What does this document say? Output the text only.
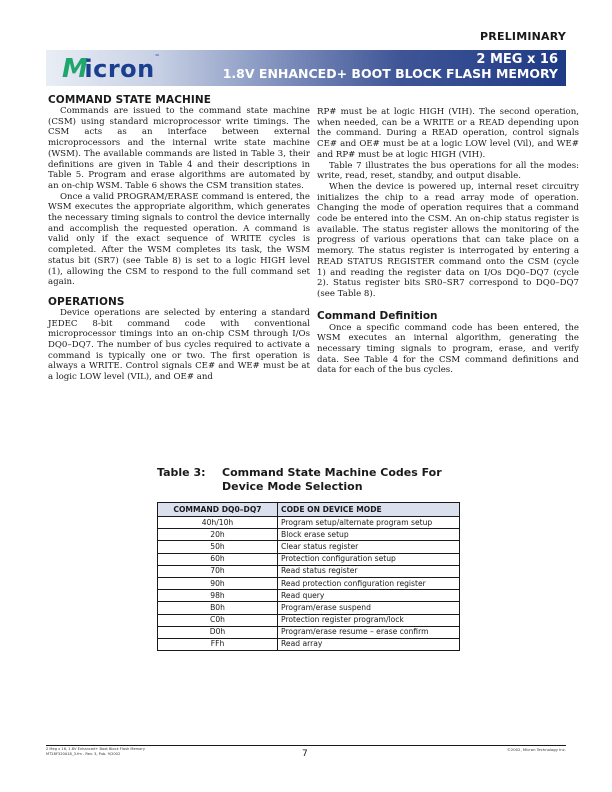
PRELIMINARY
Micron™	2 MEG x 16
1.8V ENHANCED+ BOOT BLOCK FLASH MEMORY
COMMAND STATE MACHINE

Commands are issued to the command state machine (CSM) using standard microprocessor write timings. The CSM acts as an interface between external microprocessors and the internal write state machine (WSM). The available commands are listed in Table 3, their definitions are given in Table 4 and their descriptions in Table 5. Program and erase algorithms are automated by an on-chip WSM. Table 6 shows the CSM transition states.

Once a valid PROGRAM/ERASE command is entered, the WSM executes the appropriate algorithm, which generates the necessary timing signals to control the device internally and accomplish the requested operation. A command is valid only if the exact sequence of WRITE cycles is completed. After the WSM completes its task, the WSM status bit (SR7) (see Table 8) is set to a logic HIGH level (1), allowing the CSM to respond to the full command set again.

OPERATIONS

Device operations are selected by entering a standard JEDEC 8-bit command code with conventional microprocessor timings into an on-chip CSM through I/Os DQ0–DQ7. The number of bus cycles required to activate a command is typically one or two. The first operation is always a WRITE. Control signals CE# and WE# must be at a logic LOW level (VIL), and OE# and

RP# must be at logic HIGH (VIH). The second operation, when needed, can be a WRITE or a READ depending upon the command. During a READ operation, control signals CE# and OE# must be at a logic LOW level (Vil), and WE# and RP# must be at logic HIGH (VIH).

Table 7 illustrates the bus operations for all the modes: write, read, reset, standby, and output disable.

When the device is powered up, internal reset circuitry initializes the chip to a read array mode of operation. Changing the mode of operation requires that a command code be entered into the CSM. An on-chip status register is available. The status register allows the monitoring of the progress of various operations that can take place on a memory. The status register is interrogated by entering a READ STATUS REGISTER command onto the CSM (cycle 1) and reading the register data on I/Os DQ0–DQ7 (cycle 2). Status register bits SR0–SR7 correspond to DQ0–DQ7 (see Table 8).

Command Definition

Once a specific command code has been entered, the WSM executes an internal algorithm, generating the necessary timing signals to program, erase, and verify data. See Table 4 for the CSM command definitions and data for each of the bus cycles.

Table 3: Command State Machine Codes For
Device Mode Selection
COMMAND DQ0–DQ7	CODE ON DEVICE MODE
40h/10h	Program setup/alternate program setup
20h	Block erase setup
50h	Clear status register
60h	Protection configuration setup
70h	Read status register
90h	Read protection configuration register
98h	Read query
B0h	Program/erase suspend
C0h	Protection register program/lock
D0h	Program/erase resume – erase confirm
FFh	Read array
2 Meg x 16, 1.8V Enhanced+ Boot Block Flash Memory
MT28F320A18_3.fm - Rev. 3, Pub. 9/2002	7	©2002, Micron Technology Inc.
